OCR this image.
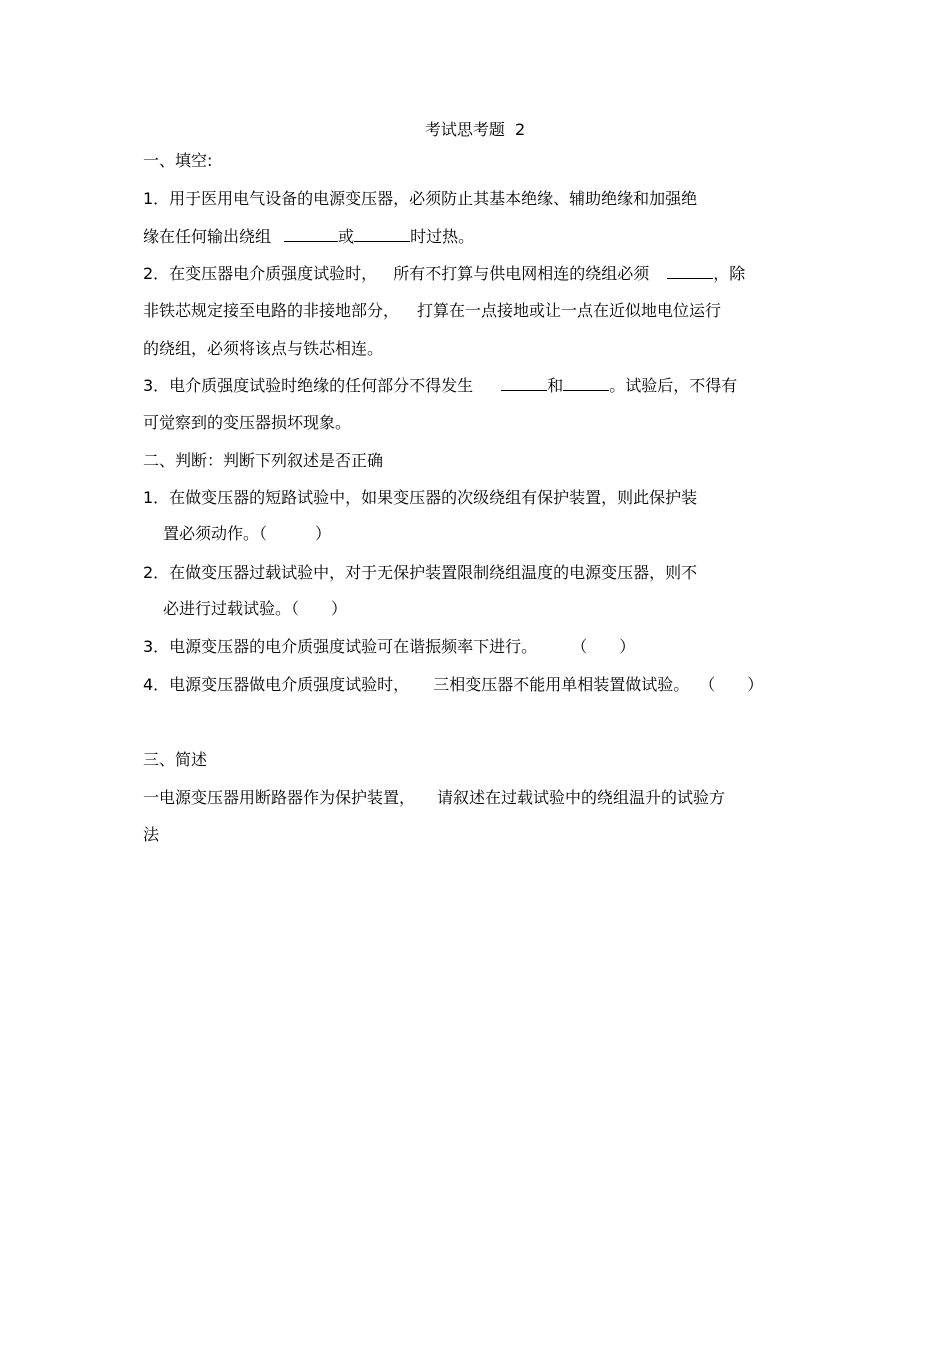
考试思考题  2
一、填空:
1．用于医用电气设备的电源变压器，必须防止其基本绝缘、辅助绝缘和加强绝
缘在任何输出绕组	或	时过热。
2．在变压器电介质强度试验时， 所有不打算与供电网相连的绕组必须	，除
非铁芯规定接至电路的非接地部分， 打算在一点接地或让一点在近似地电位运行
的绕组，必须将该点与铁芯相连。
3．电介质强度试验时绝缘的任何部分不得发生	和	。试验后，不得有
可觉察到的变压器损坏现象。
二、判断：判断下列叙述是否正确
1．在做变压器的短路试验中，如果变压器的次级绕组有保护装置，则此保护装
置必须动作。（　　　）
2．在做变压器过载试验中，对于无保护装置限制绕组温度的电源变压器，则不
必进行过载试验。（　　）
3．电源变压器的电介质强度试验可在谐振频率下进行。 （　　）
4．电源变压器做电介质强度试验时， 三相变压器不能用单相装置做试验。 （　　）
三、简述
一电源变压器用断路器作为保护装置， 请叙述在过载试验中的绕组温升的试验方
法
